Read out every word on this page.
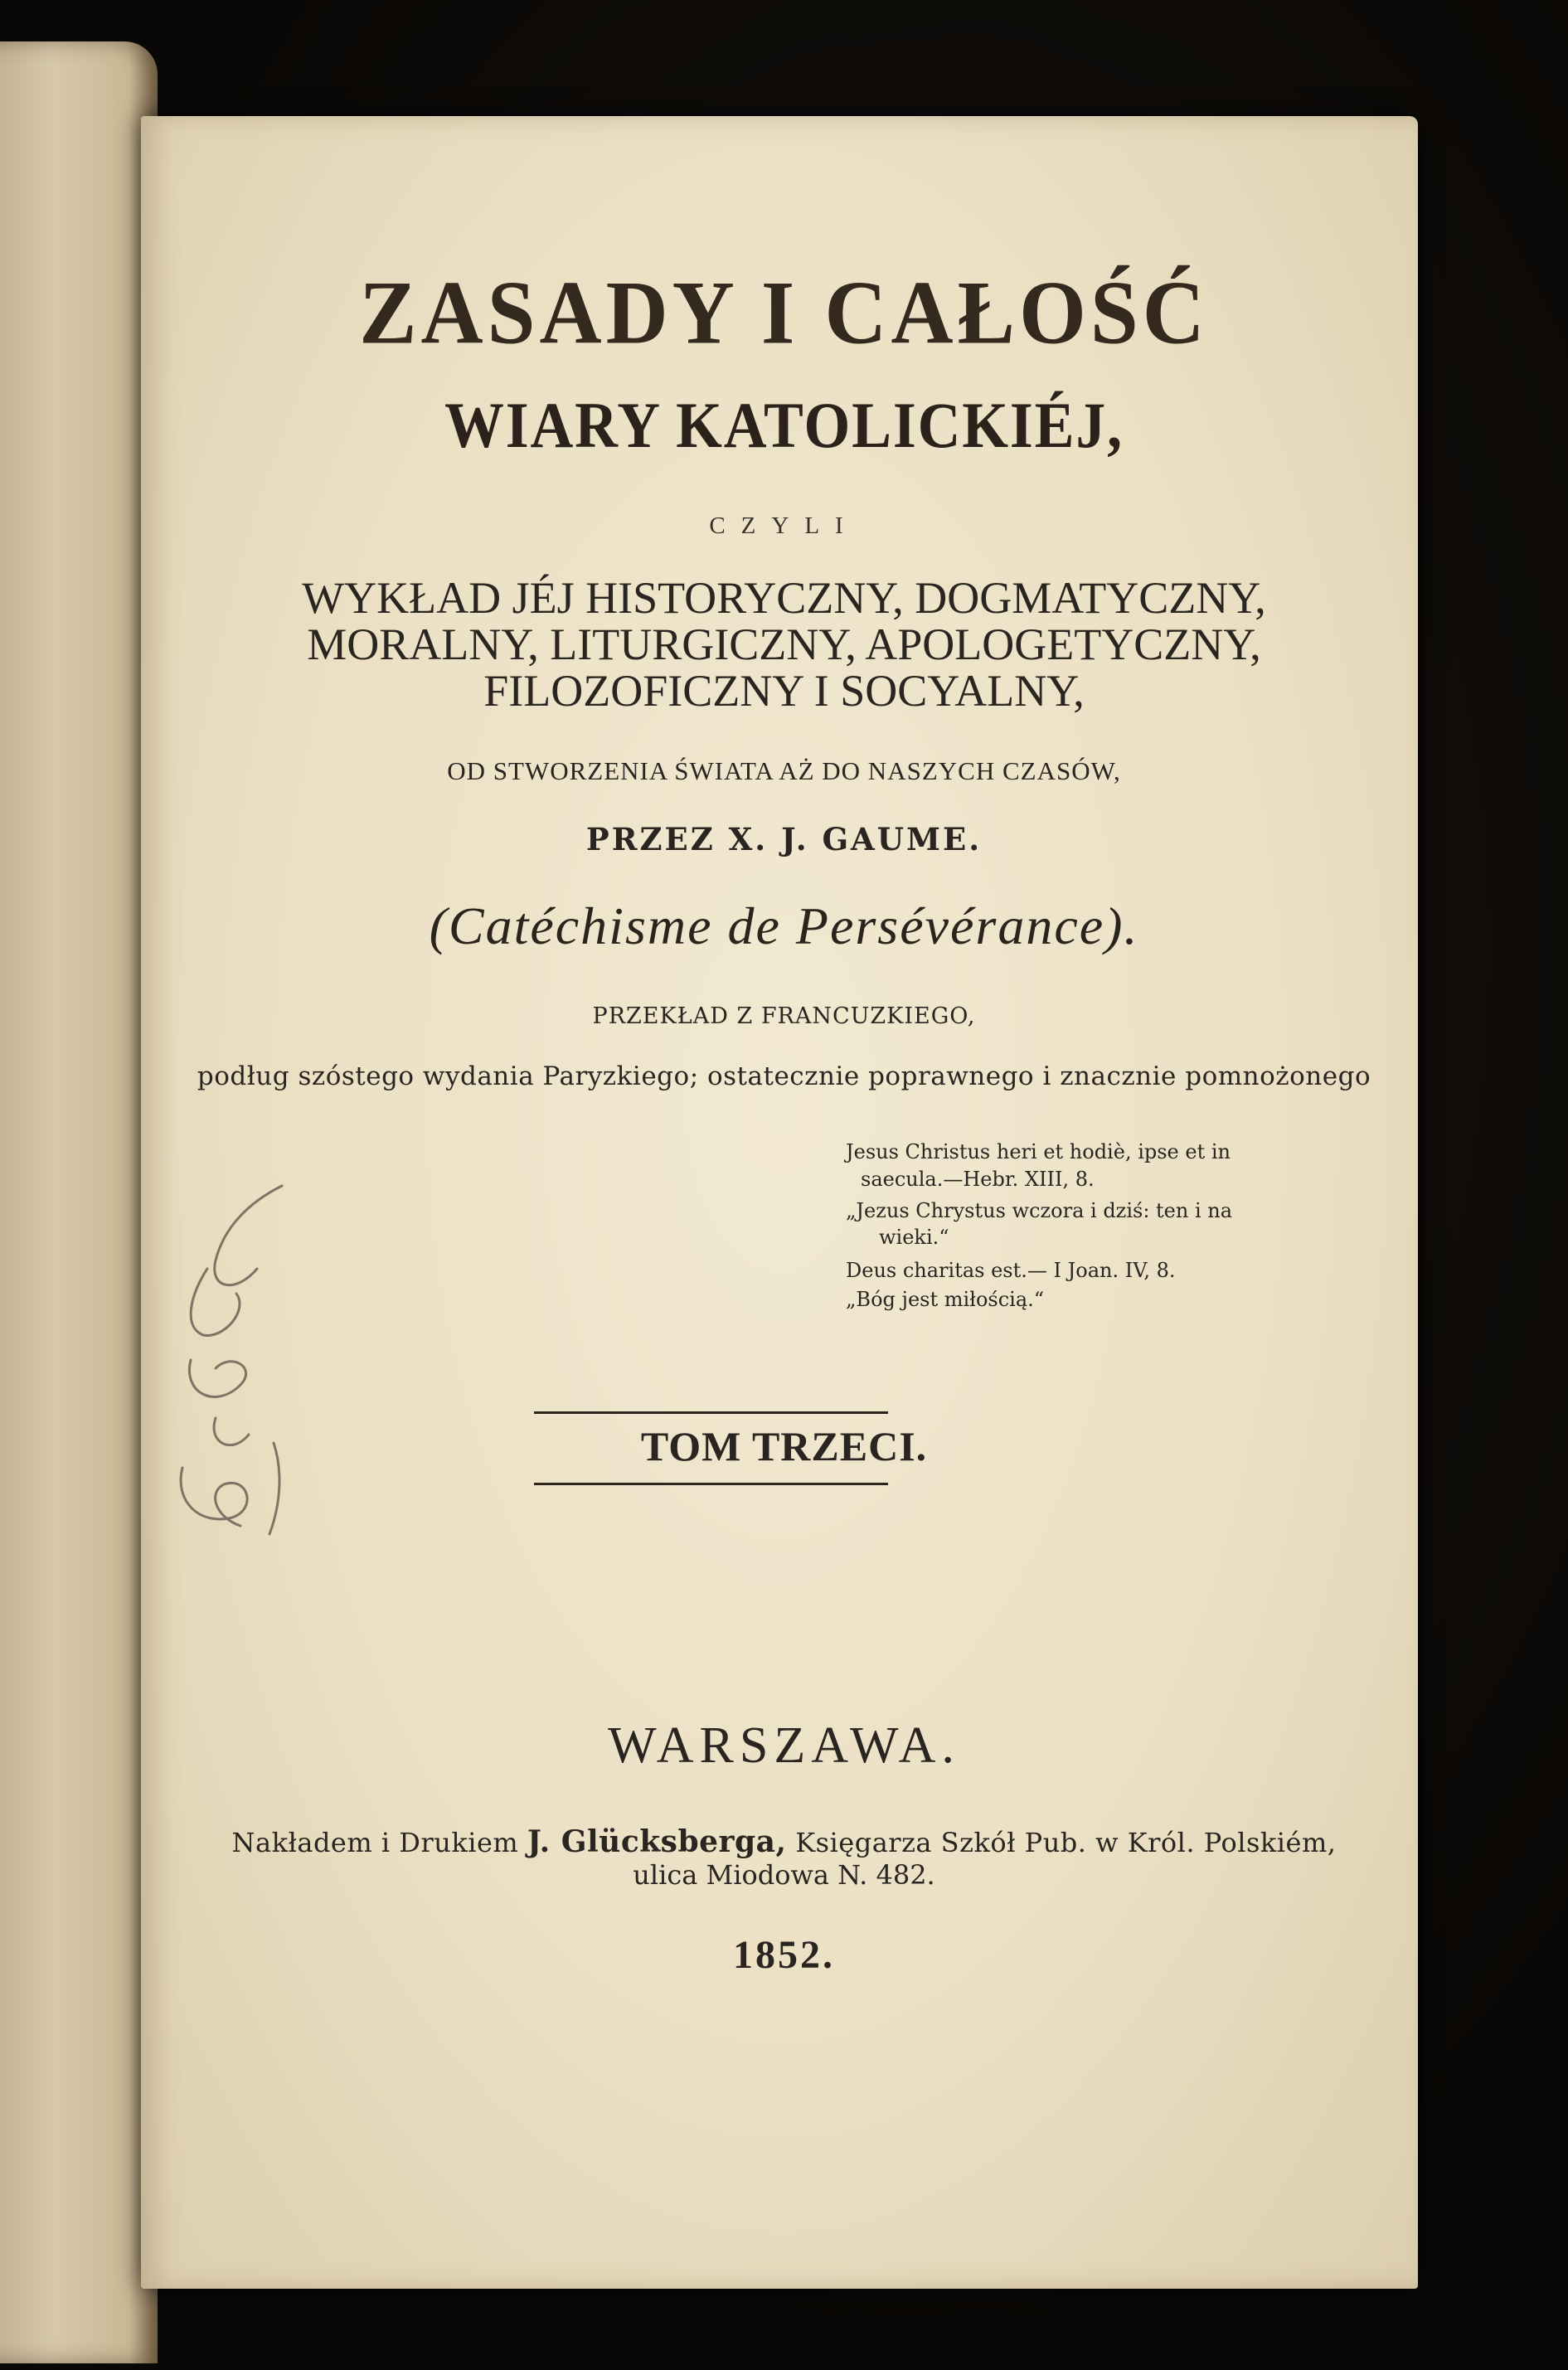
ZASADY I CAŁOŚĆ
WIARY KATOLICKIÉJ,
CZYLI
WYKŁAD JÉJ HISTORYCZNY, DOGMATYCZNY,
MORALNY, LITURGICZNY, APOLOGETYCZNY,
FILOZOFICZNY I SOCYALNY,
OD STWORZENIA ŚWIATA AŻ DO NASZYCH CZASÓW,
PRZEZ X. J. GAUME.
(Catéchisme de Persévérance).
PRZEKŁAD Z FRANCUZKIEGO,
podług szóstego wydania Paryzkiego; ostatecznie poprawnego i znacznie pomnożonego
Jesus Christus heri et hodiè, ipse et in
saecula.—Hebr. XIII, 8.
„Jezus Chrystus wczora i dziś: ten i na
wieki.“
Deus charitas est.— I Joan. IV, 8.
„Bóg jest miłością.“
TOM TRZECI.
WARSZAWA.
Nakładem i Drukiem J. Glücksberga, Księgarza Szkół Pub. w Król. Polskiém,
ulica Miodowa N. 482.
1852.
